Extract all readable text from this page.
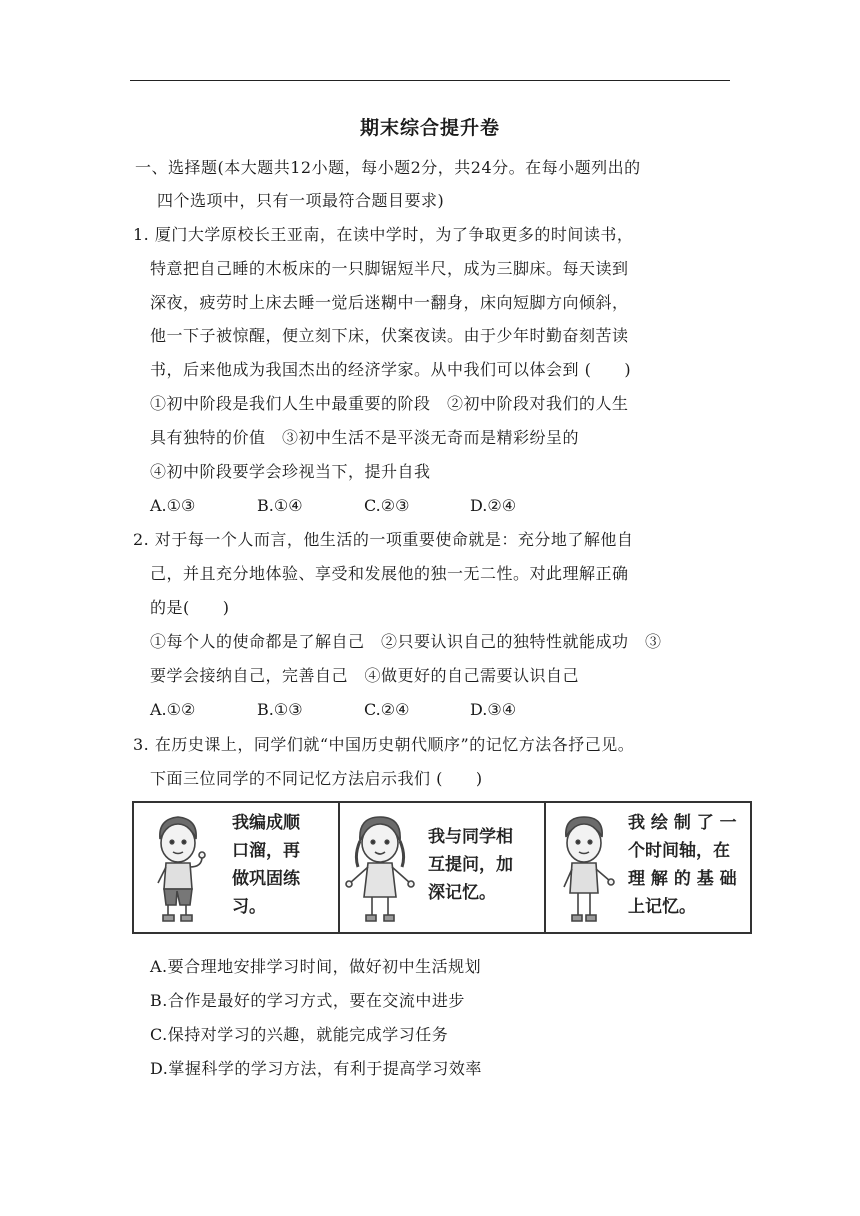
期末综合提升卷
一、选择题(本大题共12小题，每小题2分，共24分。在每小题列出的
四个选项中，只有一项最符合题目要求)
1. 厦门大学原校长王亚南，在读中学时，为了争取更多的时间读书，
特意把自己睡的木板床的一只脚锯短半尺，成为三脚床。每天读到
深夜，疲劳时上床去睡一觉后迷糊中一翻身，床向短脚方向倾斜，
他一下子被惊醒，便立刻下床，伏案夜读。由于少年时勤奋刻苦读
书，后来他成为我国杰出的经济学家。从中我们可以体会到 (　　)
①初中阶段是我们人生中最重要的阶段　②初中阶段对我们的人生
具有独特的价值　③初中生活不是平淡无奇而是精彩纷呈的
④初中阶段要学会珍视当下，提升自我
A.①③	B.①④	C.②③	D.②④
2. 对于每一个人而言，他生活的一项重要使命就是：充分地了解他自
己，并且充分地体验、享受和发展他的独一无二性。对此理解正确
的是(　　)
①每个人的使命都是了解自己　②只要认识自己的独特性就能成功　③
要学会接纳自己，完善自己　④做更好的自己需要认识自己
A.①②	B.①③	C.②④	D.③④
3. 在历史课上，同学们就“中国历史朝代顺序”的记忆方法各抒己见。
下面三位同学的不同记忆方法启示我们 (　　)
我编成顺
口溜，再
做巩固练
习。
我与同学相
互提问，加
深记忆。
我 绘 制 了 一
个时间轴，在
理 解 的 基 础
上记忆。
A.要合理地安排学习时间，做好初中生活规划
B.合作是最好的学习方式，要在交流中进步
C.保持对学习的兴趣，就能完成学习任务
D.掌握科学的学习方法，有利于提高学习效率
